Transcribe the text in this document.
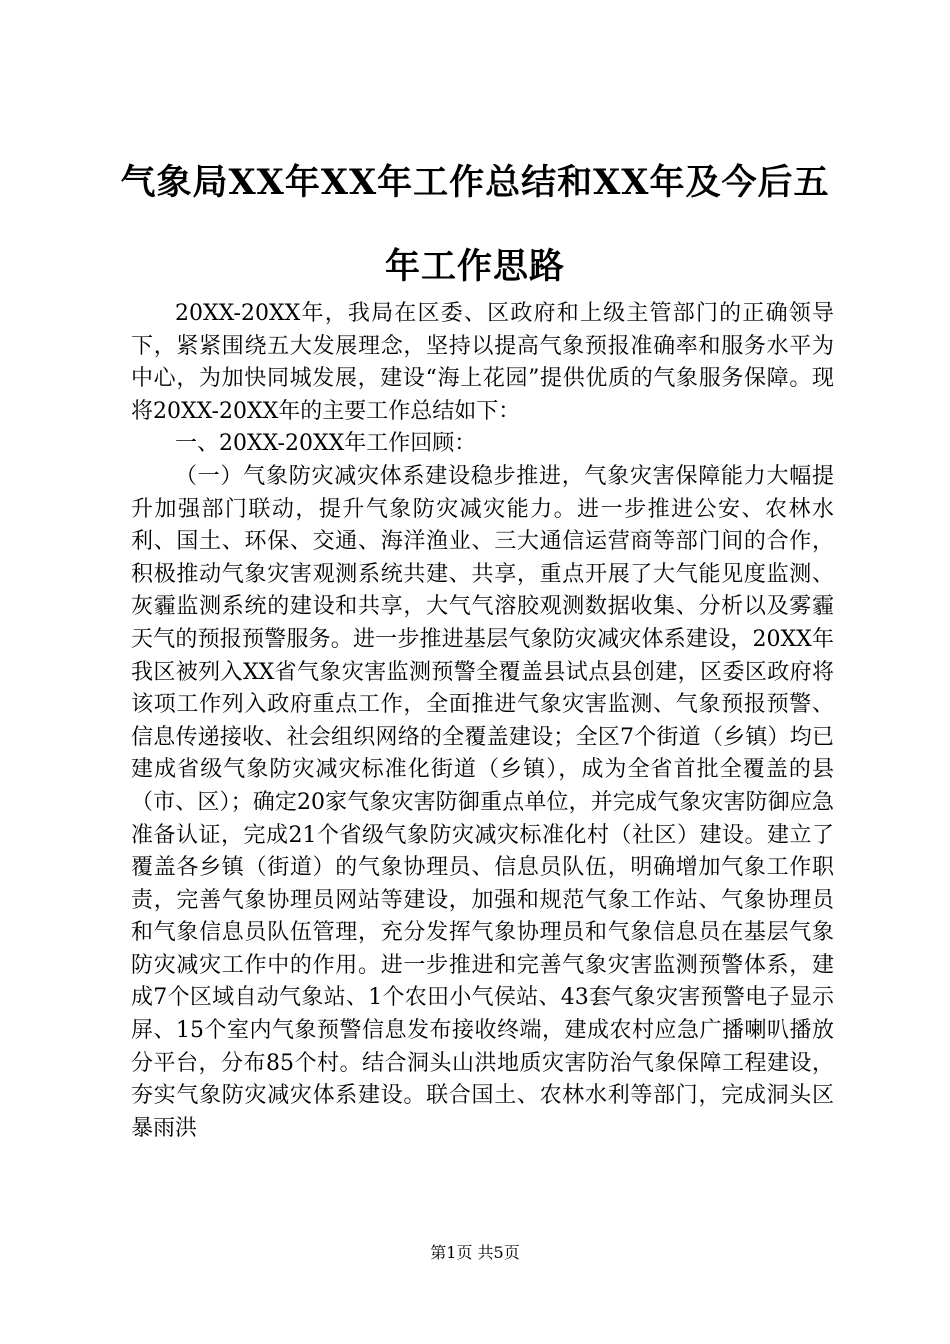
气象局XX年XX年工作总结和XX年及今后五
年工作思路

20XX-20XX年，我局在区委、区政府和上级主管部门的正确领导下，紧紧围绕五大发展理念，坚持以提高气象预报准确率和服务水平为中心，为加快同城发展，建设“海上花园”提供优质的气象服务保障。现将20XX-20XX年的主要工作总结如下：

一、20XX-20XX年工作回顾：

（一）气象防灾减灾体系建设稳步推进，气象灾害保障能力大幅提升加强部门联动，提升气象防灾减灾能力。进一步推进公安、农林水利、国土、环保、交通、海洋渔业、三大通信运营商等部门间的合作，积极推动气象灾害观测系统共建、共享，重点开展了大气能见度监测、灰霾监测系统的建设和共享，大气气溶胶观测数据收集、分析以及雾霾天气的预报预警服务。进一步推进基层气象防灾减灾体系建设，20XX年我区被列入XX省气象灾害监测预警全覆盖县试点县创建，区委区政府将该项工作列入政府重点工作，全面推进气象灾害监测、气象预报预警、信息传递接收、社会组织网络的全覆盖建设；全区7个街道（乡镇）均已建成省级气象防灾减灾标准化街道（乡镇），成为全省首批全覆盖的县（市、区）；确定20家气象灾害防御重点单位，并完成气象灾害防御应急准备认证，完成21个省级气象防灾减灾标准化村（社区）建设。建立了覆盖各乡镇（街道）的气象协理员、信息员队伍，明确增加气象工作职责，完善气象协理员网站等建设，加强和规范气象工作站、气象协理员和气象信息员队伍管理，充分发挥气象协理员和气象信息员在基层气象防灾减灾工作中的作用。进一步推进和完善气象灾害监测预警体系，建成7个区域自动气象站、1个农田小气侯站、43套气象灾害预警电子显示屏、15个室内气象预警信息发布接收终端，建成农村应急广播喇叭播放分平台，分布85个村。结合洞头山洪地质灾害防治气象保障工程建设，夯实气象防灾减灾体系建设。联合国土、农林水利等部门，完成洞头区暴雨洪

第1页 共5页
